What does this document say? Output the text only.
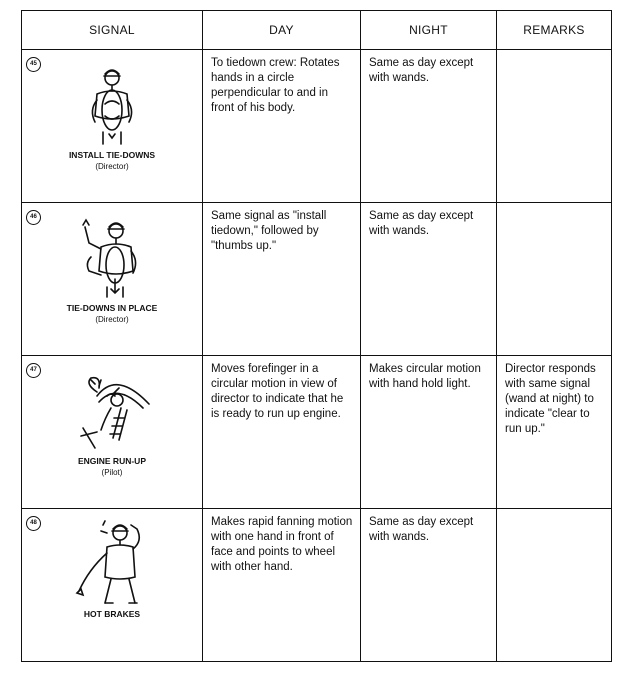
SIGNAL	DAY	NIGHT	REMARKS

45
INSTALL TIE-DOWNS
(Director)	To tiedown crew: Rotates hands in a circle perpendicular to and in front of his body.	Same as day except with wands.	

46
TIE-DOWNS IN PLACE
(Director)	Same signal as "install tiedown," followed by "thumbs up."	Same as day except with wands.	

47
ENGINE RUN-UP
(Pilot)	Moves forefinger in a circular motion in view of director to indicate that he is ready to run up engine.	Makes circular motion with hand hold light.	Director responds with same signal (wand at night) to indicate "clear to run up."

48
HOT BRAKES	Makes rapid fanning motion with one hand in front of face and points to wheel with other hand.	Same as day except with wands.	
